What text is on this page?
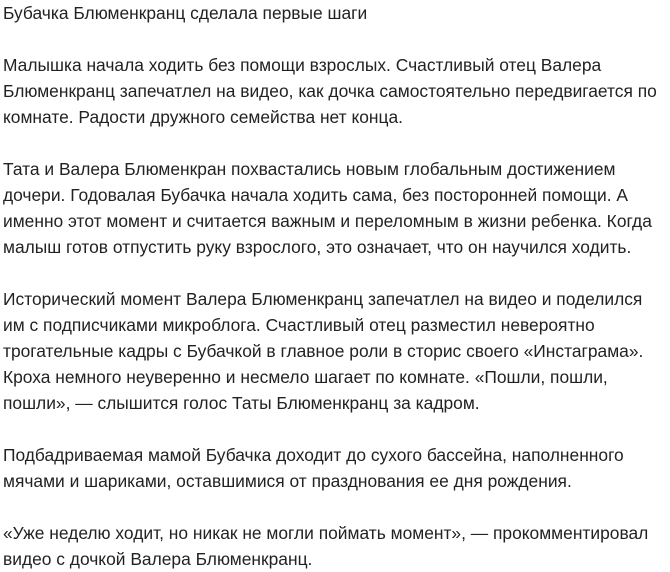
Бубачка Блюменкранц сделала первые шаги

Малышка начала ходить без помощи взрослых. Счастливый отец Валера Блюменкранц запечатлел на видео, как дочка самостоятельно передвигается по комнате. Радости дружного семейства нет конца.

Тата и Валера Блюменкран похвастались новым глобальным достижением дочери. Годовалая Бубачка начала ходить сама, без посторонней помощи. А именно этот момент и считается важным и переломным в жизни ребенка. Когда малыш готов отпустить руку взрослого, это означает, что он научился ходить.

Исторический момент Валера Блюменкранц запечатлел на видео и поделился им с подписчиками микроблога. Счастливый отец разместил невероятно трогательные кадры с Бубачкой в главное роли в сторис своего «Инстаграма». Кроха немного неуверенно и несмело шагает по комнате. «Пошли, пошли, пошли», — слышится голос Таты Блюменкранц за кадром.

Подбадриваемая мамой Бубачка доходит до сухого бассейна, наполненного мячами и шариками, оставшимися от празднования ее дня рождения.

«Уже неделю ходит, но никак не могли поймать момент», — прокомментировал видео с дочкой Валера Блюменкранц.
